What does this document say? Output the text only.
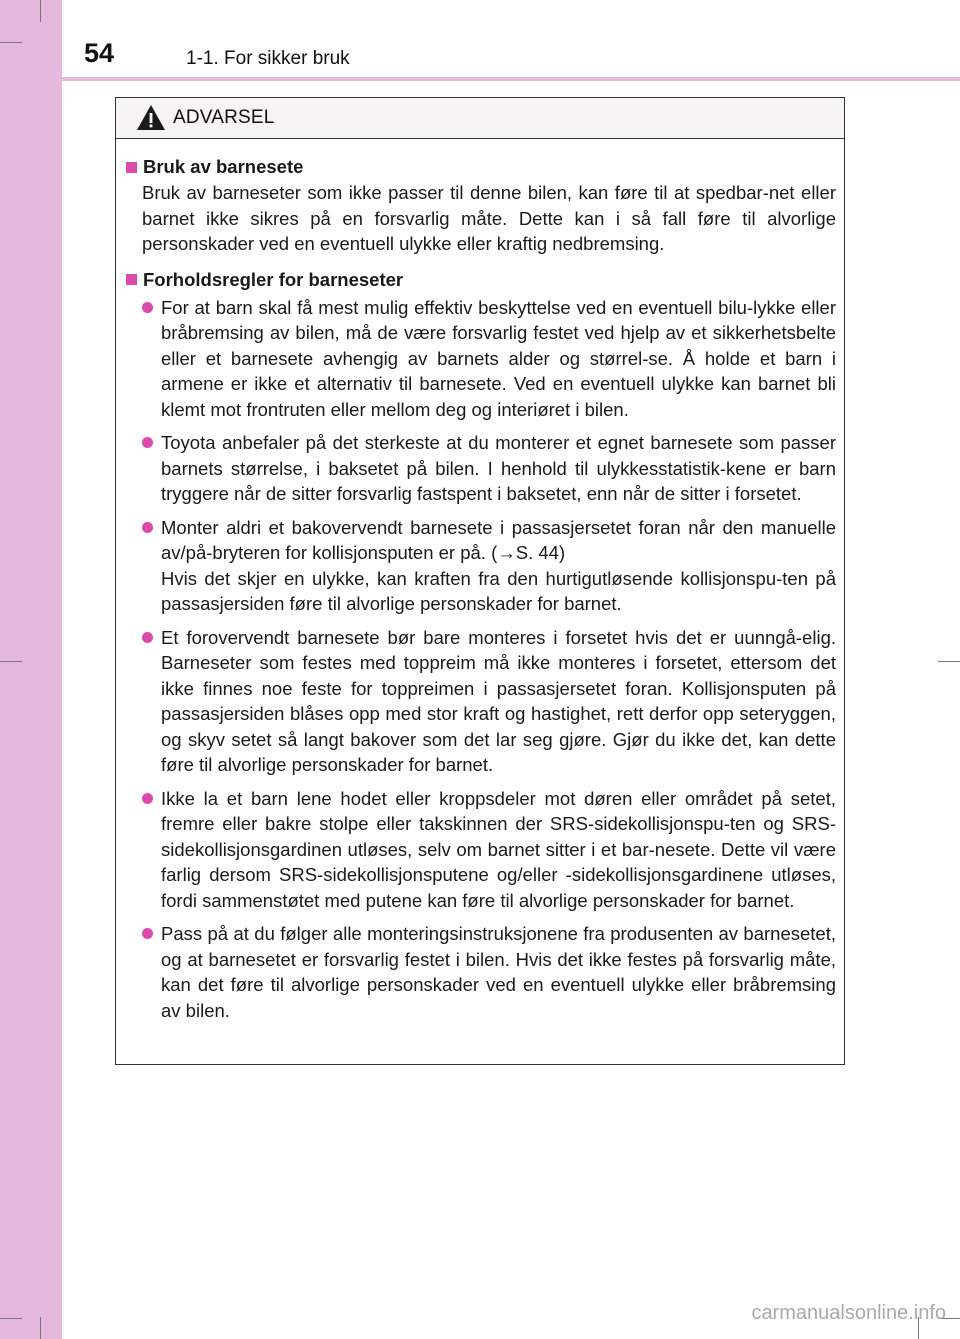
54	1-1. For sikker bruk
ADVARSEL
Bruk av barnesete
Bruk av barneseter som ikke passer til denne bilen, kan føre til at spedbar-net eller barnet ikke sikres på en forsvarlig måte. Dette kan i så fall føre til alvorlige personskader ved en eventuell ulykke eller kraftig nedbremsing.
Forholdsregler for barneseter
For at barn skal få mest mulig effektiv beskyttelse ved en eventuell bilu-lykke eller bråbremsing av bilen, må de være forsvarlig festet ved hjelp av et sikkerhetsbelte eller et barnesete avhengig av barnets alder og størrel-se. Å holde et barn i armene er ikke et alternativ til barnesete. Ved en eventuell ulykke kan barnet bli klemt mot frontruten eller mellom deg og interiøret i bilen.
Toyota anbefaler på det sterkeste at du monterer et egnet barnesete som passer barnets størrelse, i baksetet på bilen. I henhold til ulykkesstatistik-kene er barn tryggere når de sitter forsvarlig fastspent i baksetet, enn når de sitter i forsetet.
Monter aldri et bakovervendt barnesete i passasjersetet foran når den manuelle av/på-bryteren for kollisjonsputen er på. (→S. 44)
Hvis det skjer en ulykke, kan kraften fra den hurtigutløsende kollisjonspu-ten på passasjersiden føre til alvorlige personskader for barnet.
Et forovervendt barnesete bør bare monteres i forsetet hvis det er uunngå-elig. Barneseter som festes med toppreim må ikke monteres i forsetet, ettersom det ikke finnes noe feste for toppreimen i passasjersetet foran. Kollisjonsputen på passasjersiden blåses opp med stor kraft og hastighet, rett derfor opp seteryggen, og skyv setet så langt bakover som det lar seg gjøre. Gjør du ikke det, kan dette føre til alvorlige personskader for barnet.
Ikke la et barn lene hodet eller kroppsdeler mot døren eller området på setet, fremre eller bakre stolpe eller takskinnen der SRS-sidekollisjonspu-ten og SRS-sidekollisjonsgardinen utløses, selv om barnet sitter i et bar-nesete. Dette vil være farlig dersom SRS-sidekollisjonsputene og/eller -sidekollisjonsgardinene utløses, fordi sammenstøtet med putene kan føre til alvorlige personskader for barnet.
Pass på at du følger alle monteringsinstruksjonene fra produsenten av barnesetet, og at barnesetet er forsvarlig festet i bilen. Hvis det ikke festes på forsvarlig måte, kan det føre til alvorlige personskader ved en eventuell ulykke eller bråbremsing av bilen.
carmanualsonline.info
